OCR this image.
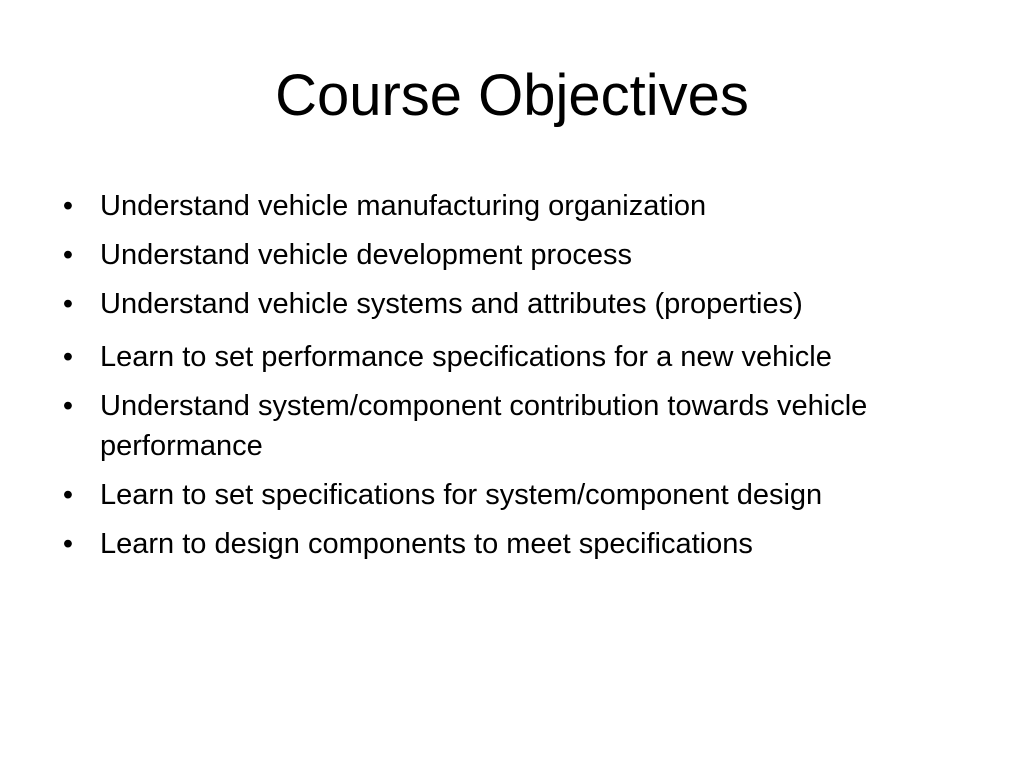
Course Objectives
• Understand vehicle manufacturing organization
• Understand vehicle development process
• Understand vehicle systems and attributes (properties)
• Learn to set performance specifications for a new vehicle
• Understand system/component contribution towards vehicle performance
• Learn to set specifications for system/component design
• Learn to design components to meet specifications
